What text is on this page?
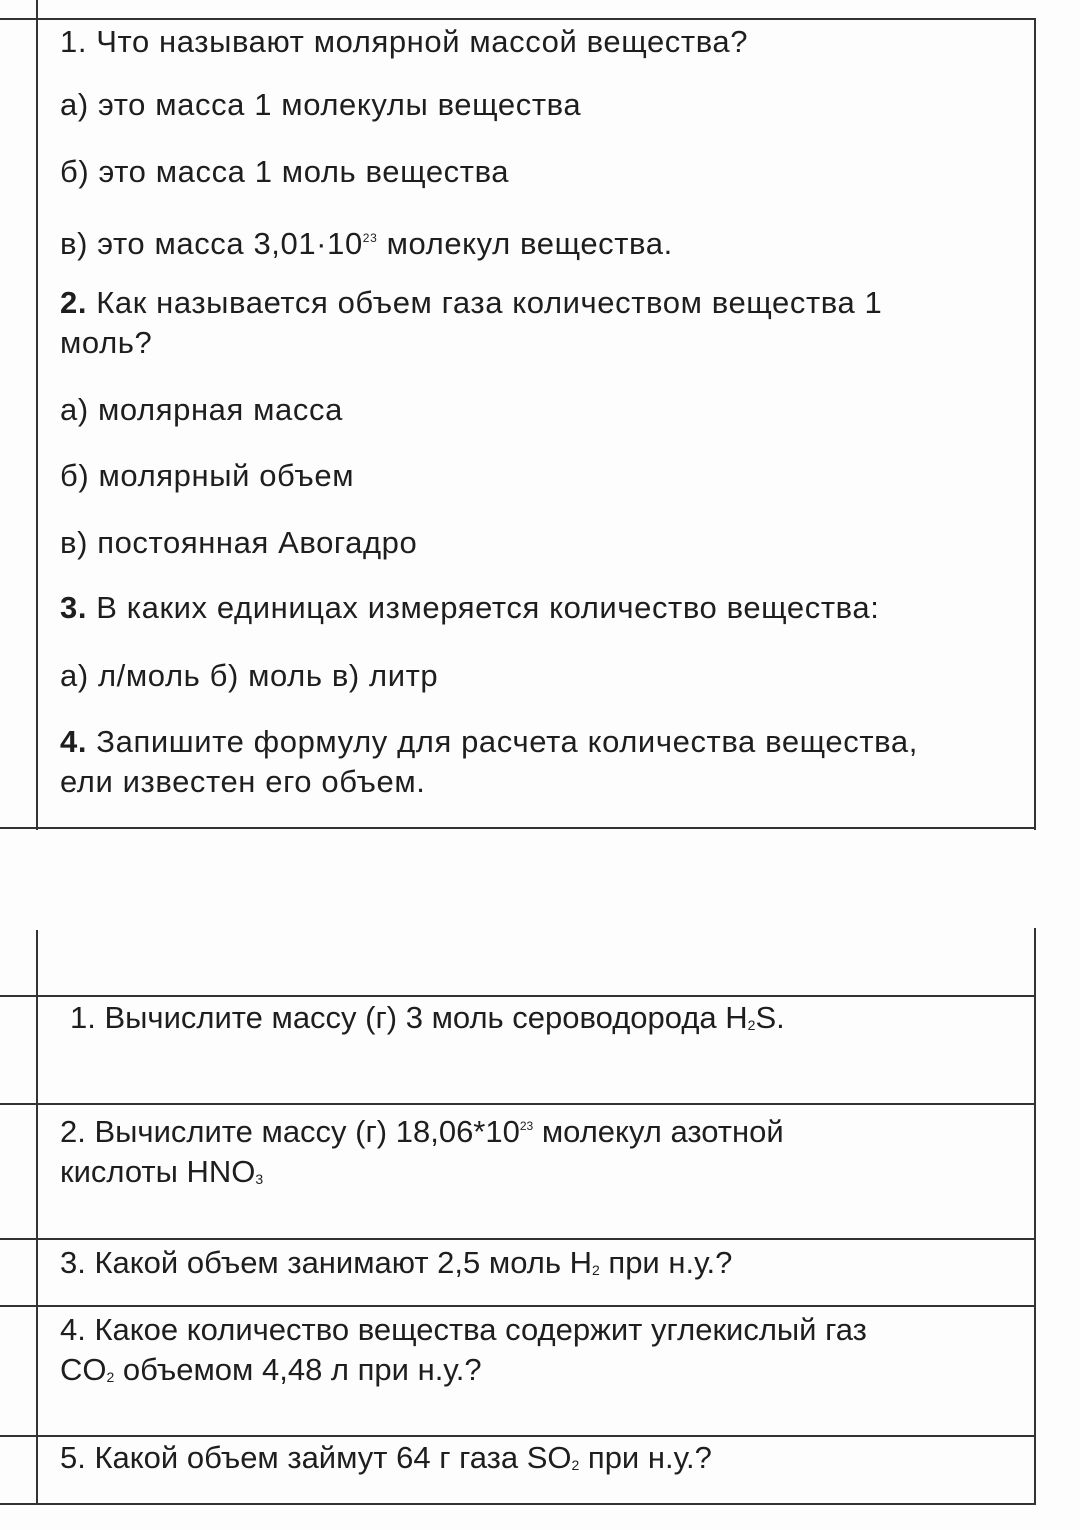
1. Что называют молярной массой вещества?
а) это масса 1 молекулы вещества
б) это масса 1 моль вещества
в) это масса $3,01\cdot 10^{23}$ молекул вещества.
2. Как называется объем газа количеством вещества 1
моль?
а) молярная масса
б) молярный объем
в) постоянная Авогадро
3. В каких единицах измеряется количество вещества:
а) л/моль б) моль в) литр
4. Запишите формулу для расчета количества вещества,
ели известен его объем.
1. Вычислите массу (г) 3 моль сероводорода $H_2S$.
2. Вычислите массу (г) $18,06*10^{23}$ молекул азотной
кислоты $HNO_3$
3. Какой объем занимают 2,5 моль $H_2$ при н.у.?
4. Какое количество вещества содержит углекислый газ
$CO_2$ объемом 4,48 л при н.у.?
5. Какой объем займут 64 г газа $SO_2$ при н.у.?
